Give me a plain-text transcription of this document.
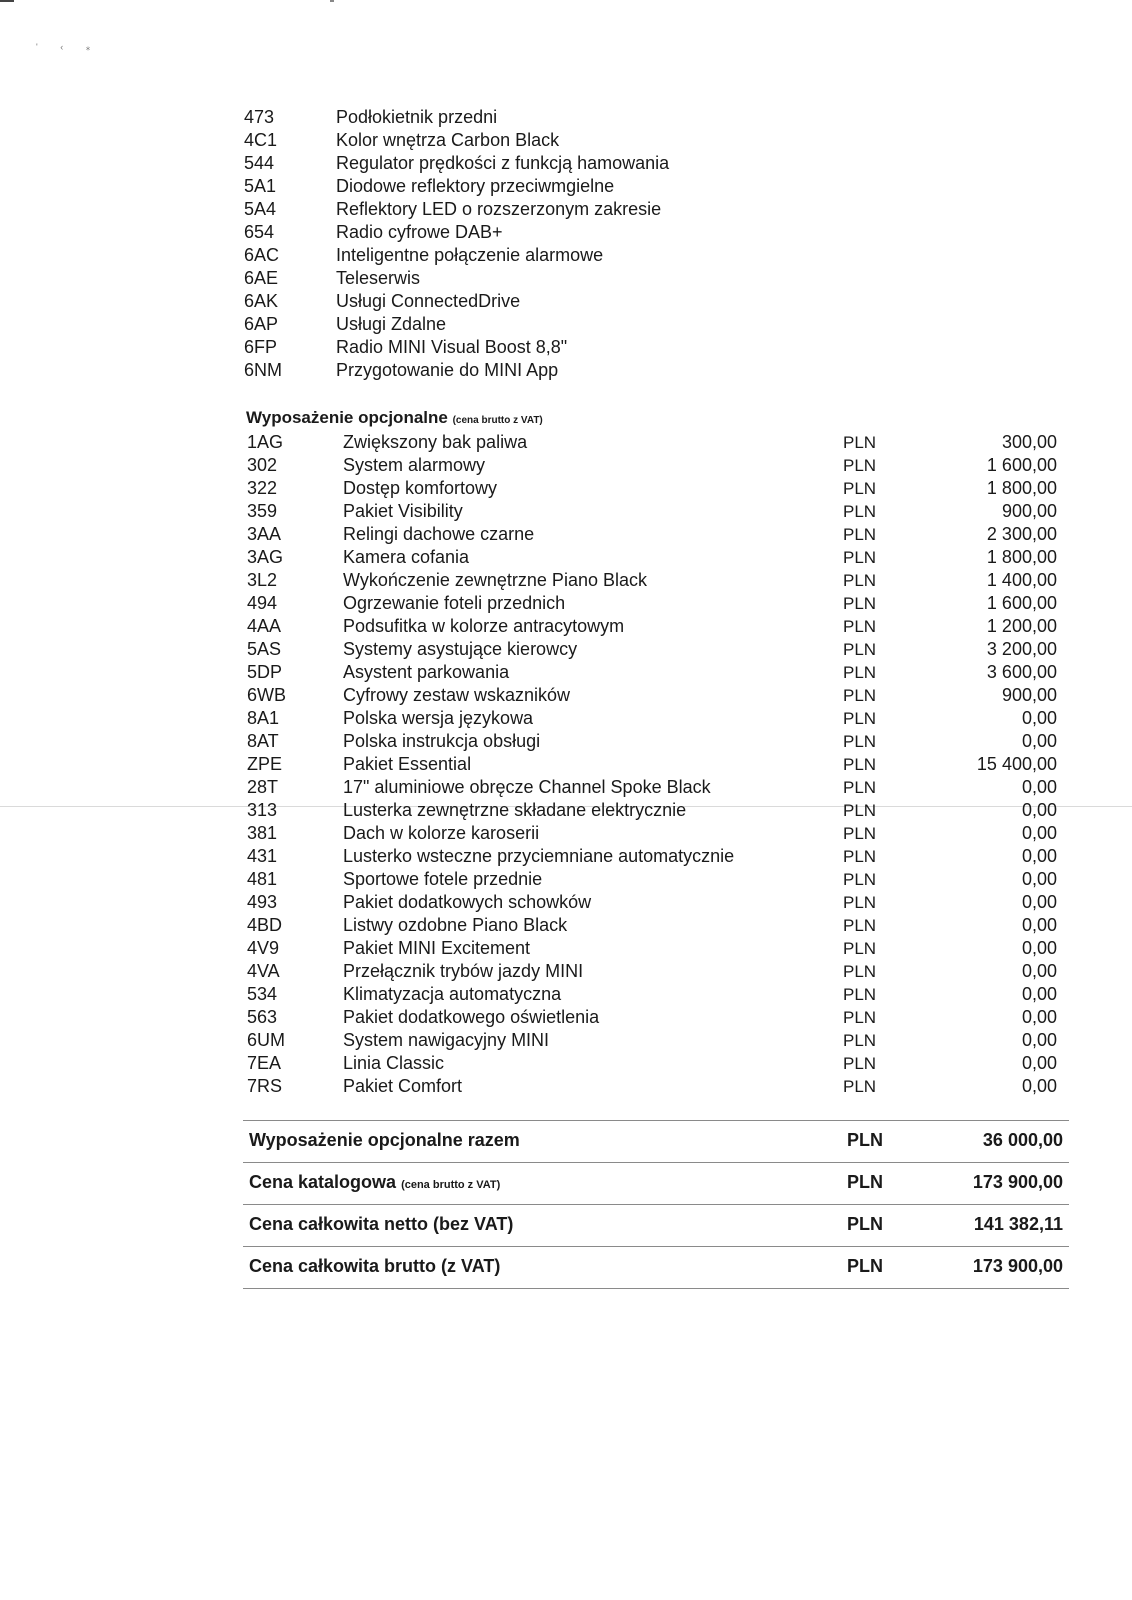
' ‹ ⁎
473	Podłokietnik przedni
4C1	Kolor wnętrza Carbon Black
544	Regulator prędkości z funkcją hamowania
5A1	Diodowe reflektory przeciwmgielne
5A4	Reflektory LED o rozszerzonym zakresie
654	Radio cyfrowe DAB+
6AC	Inteligentne połączenie alarmowe
6AE	Teleserwis
6AK	Usługi ConnectedDrive
6AP	Usługi Zdalne
6FP	Radio MINI Visual Boost 8,8"
6NM	Przygotowanie do MINI App
Wyposażenie opcjonalne (cena brutto z VAT)
1AG	Zwiększony bak paliwa	PLN	300,00
302	System alarmowy	PLN	1 600,00
322	Dostęp komfortowy	PLN	1 800,00
359	Pakiet Visibility	PLN	900,00
3AA	Relingi dachowe czarne	PLN	2 300,00
3AG	Kamera cofania	PLN	1 800,00
3L2	Wykończenie zewnętrzne Piano Black	PLN	1 400,00
494	Ogrzewanie foteli przednich	PLN	1 600,00
4AA	Podsufitka w kolorze antracytowym	PLN	1 200,00
5AS	Systemy asystujące kierowcy	PLN	3 200,00
5DP	Asystent parkowania	PLN	3 600,00
6WB	Cyfrowy zestaw wskazników	PLN	900,00
8A1	Polska wersja językowa	PLN	0,00
8AT	Polska instrukcja obsługi	PLN	0,00
ZPE	Pakiet Essential	PLN	15 400,00
28T	17" aluminiowe obręcze Channel Spoke Black	PLN	0,00
313	Lusterka zewnętrzne składane elektrycznie	PLN	0,00
381	Dach w kolorze karoserii	PLN	0,00
431	Lusterko wsteczne przyciemniane automatycznie	PLN	0,00
481	Sportowe fotele przednie	PLN	0,00
493	Pakiet dodatkowych schowków	PLN	0,00
4BD	Listwy ozdobne Piano Black	PLN	0,00
4V9	Pakiet MINI Excitement	PLN	0,00
4VA	Przełącznik trybów jazdy MINI	PLN	0,00
534	Klimatyzacja automatyczna	PLN	0,00
563	Pakiet dodatkowego oświetlenia	PLN	0,00
6UM	System nawigacyjny MINI	PLN	0,00
7EA	Linia Classic	PLN	0,00
7RS	Pakiet Comfort	PLN	0,00
Wyposażenie opcjonalne razem	PLN	36 000,00
Cena katalogowa (cena brutto z VAT)	PLN	173 900,00
Cena całkowita netto (bez VAT)	PLN	141 382,11
Cena całkowita brutto (z VAT)	PLN	173 900,00
